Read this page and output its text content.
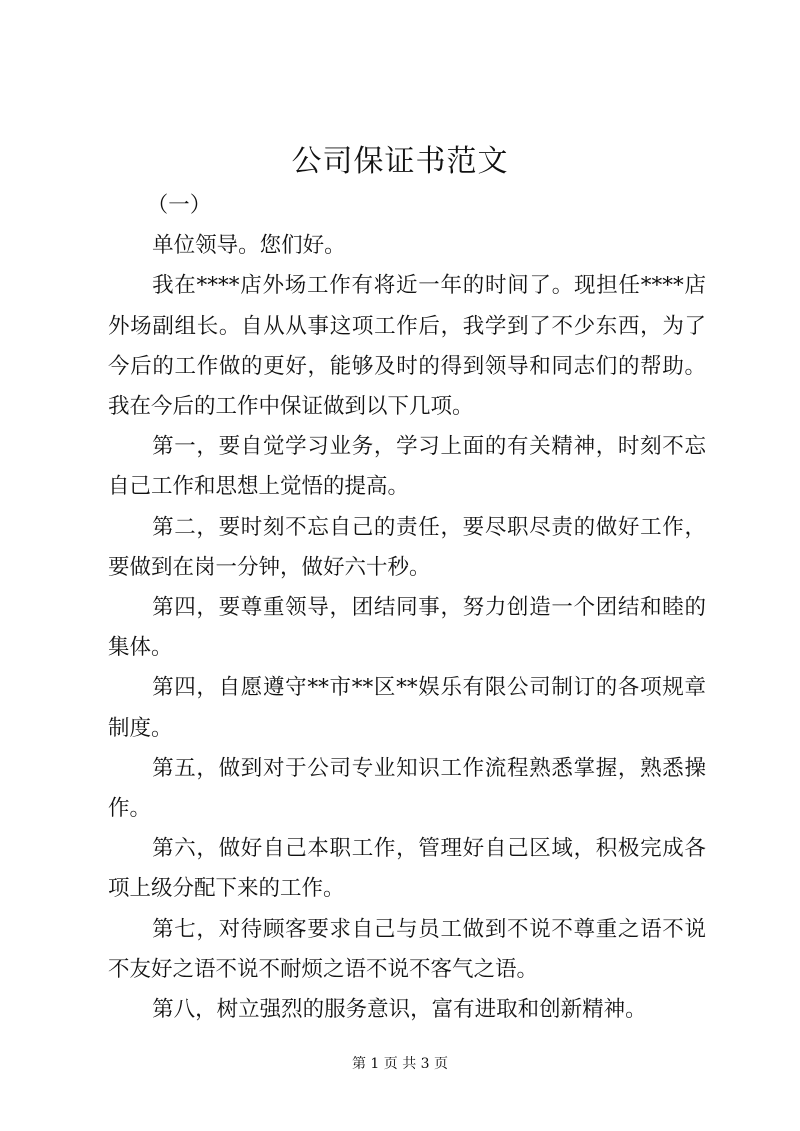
公司保证书范文

（一）

单位领导。您们好。

我在****店外场工作有将近一年的时间了。现担任****店外场副组长。自从从事这项工作后，我学到了不少东西，为了今后的工作做的更好，能够及时的得到领导和同志们的帮助。我在今后的工作中保证做到以下几项。

第一，要自觉学习业务，学习上面的有关精神，时刻不忘自己工作和思想上觉悟的提高。

第二，要时刻不忘自己的责任，要尽职尽责的做好工作，要做到在岗一分钟，做好六十秒。

第四，要尊重领导，团结同事，努力创造一个团结和睦的集体。

第四，自愿遵守**市**区**娱乐有限公司制订的各项规章制度。

第五，做到对于公司专业知识工作流程熟悉掌握，熟悉操作。

第六，做好自己本职工作，管理好自己区域，积极完成各项上级分配下来的工作。

第七，对待顾客要求自己与员工做到不说不尊重之语不说不友好之语不说不耐烦之语不说不客气之语。

第八，树立强烈的服务意识，富有进取和创新精神。

第 1 页 共 3 页
